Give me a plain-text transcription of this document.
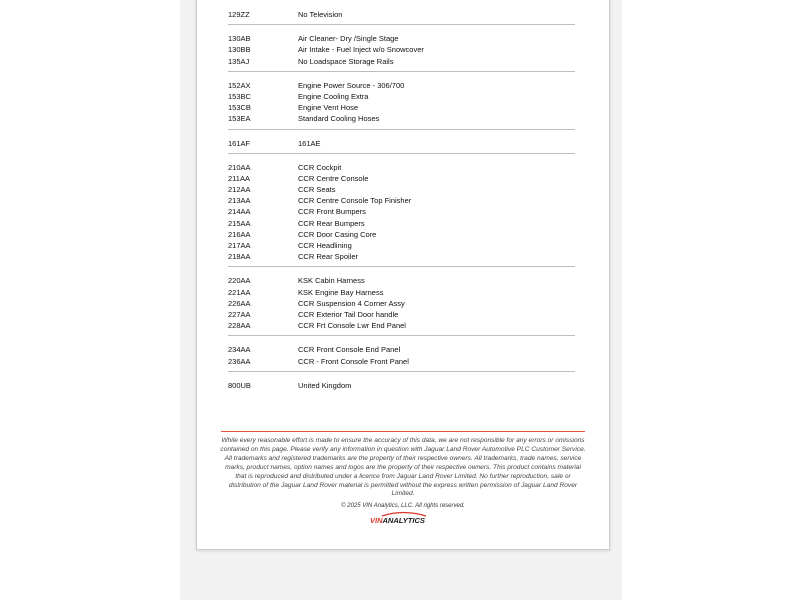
129ZZ	No Television
130AB	Air Cleaner- Dry /Single Stage
130BB	Air Intake - Fuel Inject w/o Snowcover
135AJ	No Loadspace Storage Rails
152AX	Engine Power Source - 306/700
153BC	Engine Cooling Extra
153CB	Engine Vent Hose
153EA	Standard Cooling Hoses
161AF	161AE
210AA	CCR Cockpit
211AA	CCR Centre Console
212AA	CCR Seats
213AA	CCR Centre Console Top Finisher
214AA	CCR Front Bumpers
215AA	CCR Rear Bumpers
216AA	CCR Door Casing Core
217AA	CCR Headlining
218AA	CCR Rear Spoiler
220AA	KSK Cabin Harness
221AA	KSK Engine Bay Harness
226AA	CCR Suspension 4 Corner Assy
227AA	CCR Exterior Tail Door handle
228AA	CCR Frt Console Lwr End Panel
234AA	CCR Front Console End Panel
236AA	CCR - Front Console Front Panel
800UB	United Kingdom
While every reasonable effort is made to ensure the accuracy of this data, we are not responsible for any errors or omissions contained on this page. Please verify any information in question with Jaguar Land Rover Automotive PLC Customer Service. All trademarks and registered trademarks are the property of their respective owners. All trademarks, trade names, service marks, product names, option names and logos are the property of their respective owners. This product contains material that is reproduced and distributed under a licence from Jaguar Land Rover Limited. No further reproduction, sale or distribution of the Jaguar Land Rover material is permitted without the express written permission of Jaguar Land Rover Limited.
© 2025 VIN Analytics, LLC. All rights reserved.
VINANALYTICS
